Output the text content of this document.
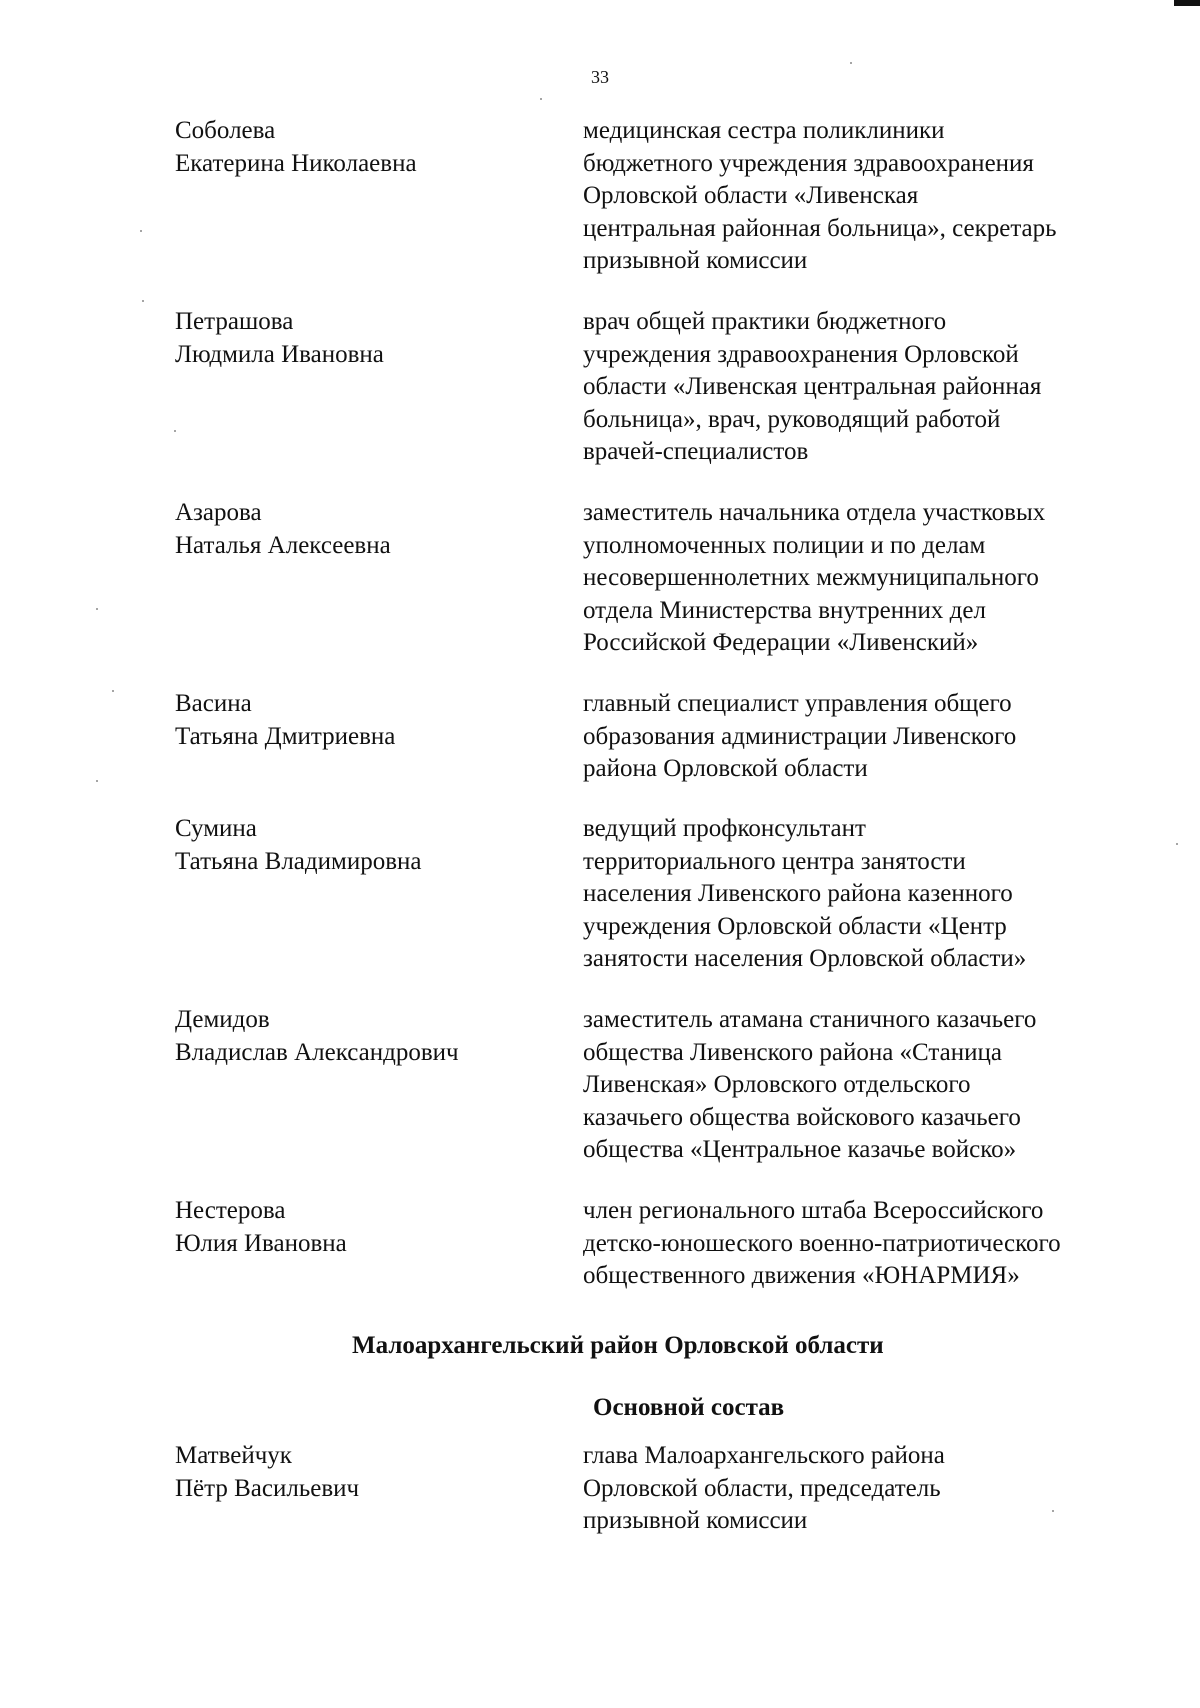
33
Соболева
Екатерина Николаевна
медицинская сестра поликлиники
бюджетного учреждения здравоохранения
Орловской области «Ливенская
центральная районная больница», секретарь
призывной комиссии
Петрашова
Людмила Ивановна
врач общей практики бюджетного
учреждения здравоохранения Орловской
области «Ливенская центральная районная
больница», врач, руководящий работой
врачей-специалистов
Азарова
Наталья Алексеевна
заместитель начальника отдела участковых
уполномоченных полиции и по делам
несовершеннолетних межмуниципального
отдела Министерства внутренних дел
Российской Федерации «Ливенский»
Васина
Татьяна Дмитриевна
главный специалист управления общего
образования администрации Ливенского
района Орловской области
Сумина
Татьяна Владимировна
ведущий профконсультант
территориального центра занятости
населения Ливенского района казенного
учреждения Орловской области «Центр
занятости населения Орловской области»
Демидов
Владислав Александрович
заместитель атамана станичного казачьего
общества Ливенского района «Станица
Ливенская» Орловского отдельского
казачьего общества войскового казачьего
общества «Центральное казачье войско»
Нестерова
Юлия Ивановна
член регионального штаба Всероссийского
детско-юношеского военно-патриотического
общественного движения «ЮНАРМИЯ»
Малоархангельский район Орловской области
Основной состав
Матвейчук
Пётр Васильевич
глава Малоархангельского района
Орловской области, председатель
призывной комиссии
